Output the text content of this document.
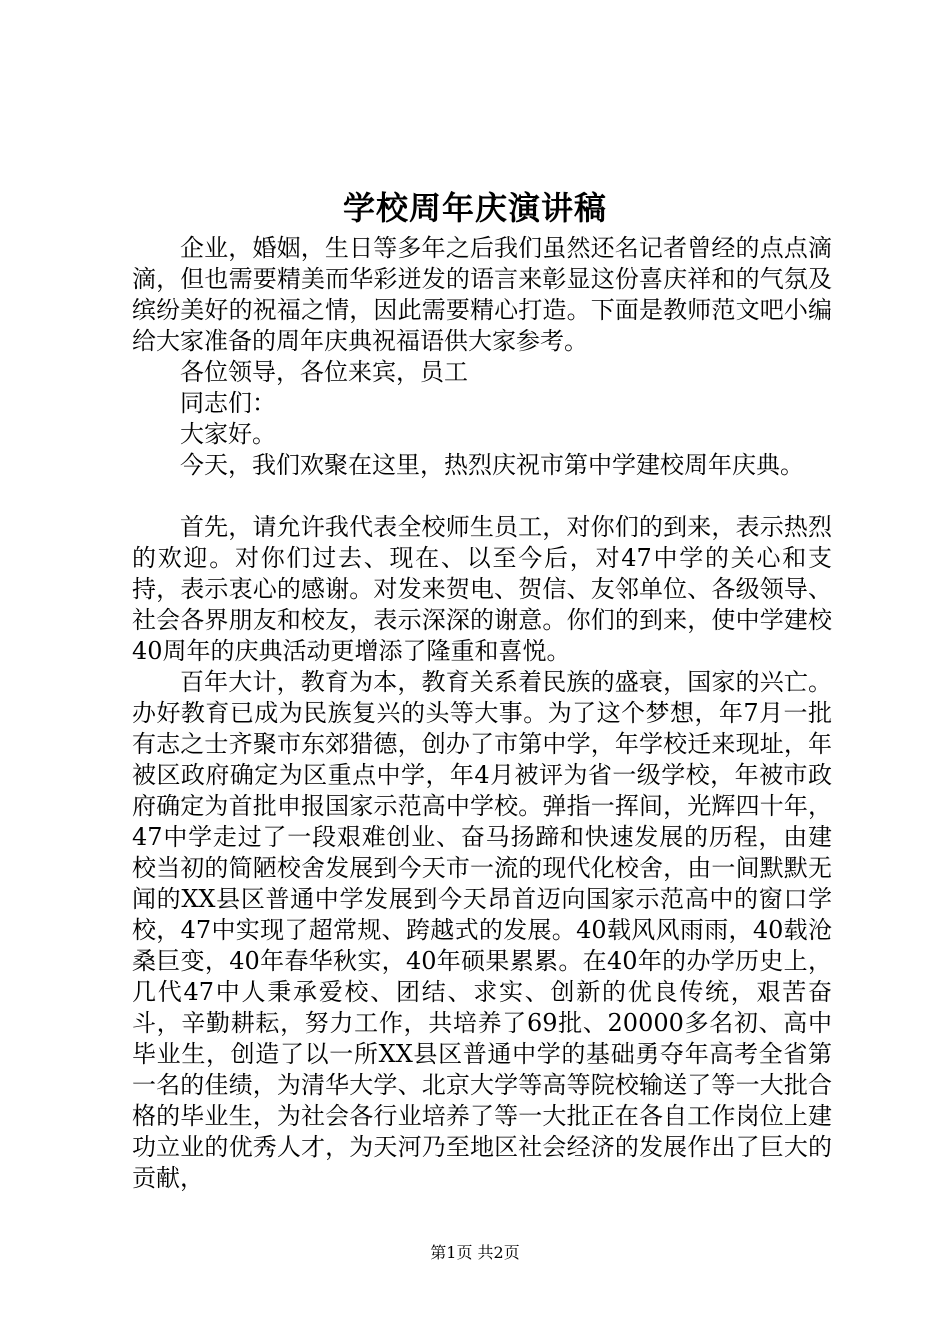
学校周年庆演讲稿

企业，婚姻，生日等多年之后我们虽然还名记者曾经的点点滴滴，但也需要精美而华彩迸发的语言来彰显这份喜庆祥和的气氛及缤纷美好的祝福之情，因此需要精心打造。下面是教师范文吧小编给大家准备的周年庆典祝福语供大家参考。

各位领导，各位来宾，员工

同志们：

大家好。

今天，我们欢聚在这里，热烈庆祝市第中学建校周年庆典。

首先，请允许我代表全校师生员工，对你们的到来，表示热烈的欢迎。对你们过去、现在、以至今后，对47中学的关心和支持，表示衷心的感谢。对发来贺电、贺信、友邻单位、各级领导、社会各界朋友和校友，表示深深的谢意。你们的到来，使中学建校40周年的庆典活动更增添了隆重和喜悦。

百年大计，教育为本，教育关系着民族的盛衰，国家的兴亡。办好教育已成为民族复兴的头等大事。为了这个梦想，年7月一批有志之士齐聚市东郊猎德，创办了市第中学，年学校迁来现址，年被区政府确定为区重点中学，年4月被评为省一级学校，年被市政府确定为首批申报国家示范高中学校。弹指一挥间，光辉四十年，47中学走过了一段艰难创业、奋马扬蹄和快速发展的历程，由建校当初的简陋校舍发展到今天市一流的现代化校舍，由一间默默无闻的XX县区普通中学发展到今天昂首迈向国家示范高中的窗口学校，47中实现了超常规、跨越式的发展。40载风风雨雨，40载沧桑巨变，40年春华秋实，40年硕果累累。在40年的办学历史上，几代47中人秉承爱校、团结、求实、创新的优良传统，艰苦奋斗，辛勤耕耘，努力工作，共培养了69批、20000多名初、高中毕业生，创造了以一所XX县区普通中学的基础勇夺年高考全省第一名的佳绩，为清华大学、北京大学等高等院校输送了等一大批合格的毕业生，为社会各行业培养了等一大批正在各自工作岗位上建功立业的优秀人才，为天河乃至地区社会经济的发展作出了巨大的贡献，

第1页 共2页
